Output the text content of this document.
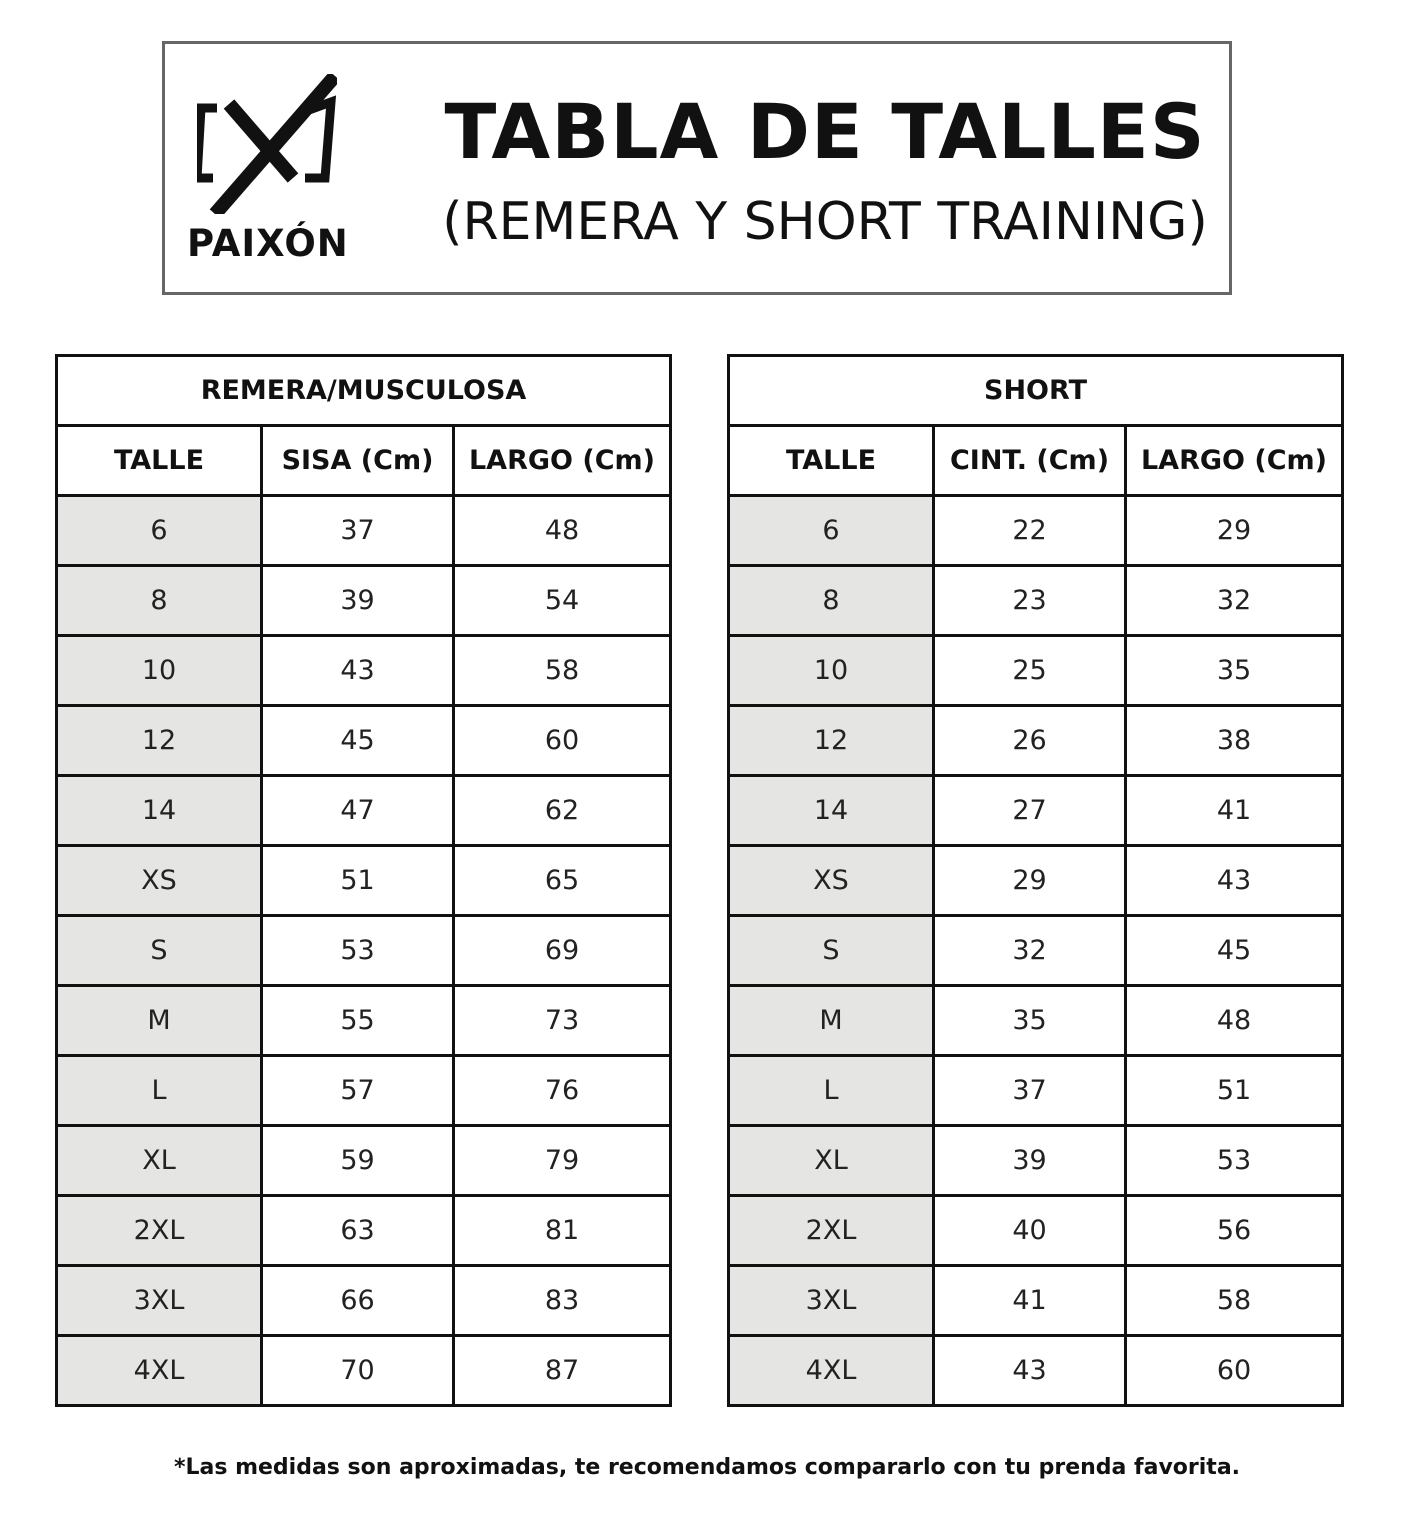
PAIXÓN
TABLA DE TALLES
(REMERA Y SHORT TRAINING)
REMERA/MUSCULOSA		
TALLE	SISA (Cm)	LARGO (Cm)
6	37	48
8	39	54
10	43	58
12	45	60
14	47	62
XS	51	65
S	53	69
M	55	73
L	57	76
XL	59	79
2XL	63	81
3XL	66	83
4XL	70	87
SHORT		
TALLE	CINT. (Cm)	LARGO (Cm)
6	22	29
8	23	32
10	25	35
12	26	38
14	27	41
XS	29	43
S	32	45
M	35	48
L	37	51
XL	39	53
2XL	40	56
3XL	41	58
4XL	43	60
*Las medidas son aproximadas, te recomendamos compararlo con tu prenda favorita.
